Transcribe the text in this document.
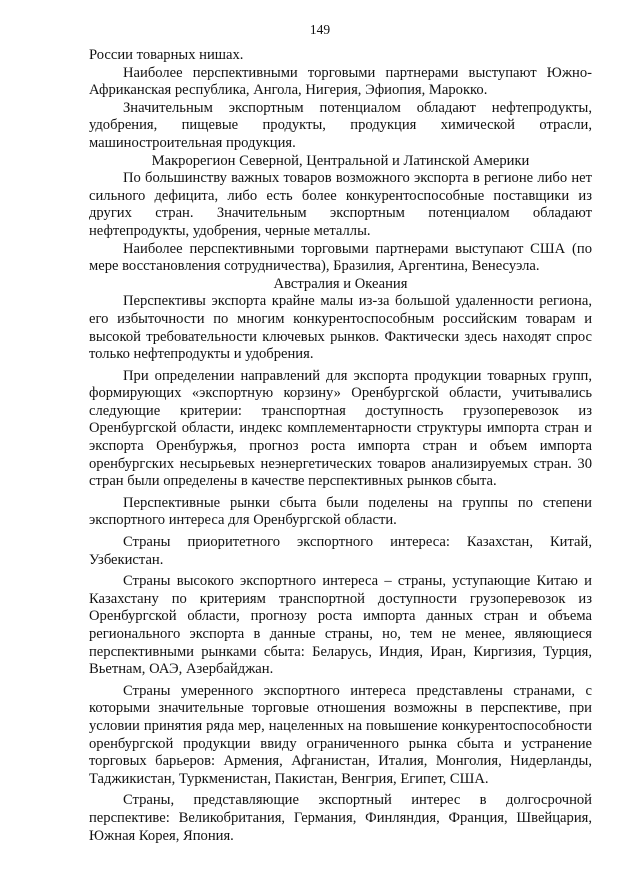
149

России товарных нишах.

Наиболее перспективными торговыми партнерами выступают Южно-Африканская республика, Ангола, Нигерия, Эфиопия, Марокко.

Значительным экспортным потенциалом обладают нефтепродукты, удобрения, пищевые продукты, продукция химической отрасли, машиностроительная продукция.

Макрорегион Северной, Центральной и Латинской Америки

По большинству важных товаров возможного экспорта в регионе либо нет сильного дефицита, либо есть более конкурентоспособные поставщики из других стран. Значительным экспортным потенциалом обладают нефтепродукты, удобрения, черные металлы.

Наиболее перспективными торговыми партнерами выступают США (по мере восстановления сотрудничества), Бразилия, Аргентина, Венесуэла.

Австралия и Океания

Перспективы экспорта крайне малы из-за большой удаленности региона, его избыточности по многим конкурентоспособным российским товарам и высокой требовательности ключевых рынков. Фактически здесь находят спрос только нефтепродукты и удобрения.

При определении направлений для экспорта продукции товарных групп, формирующих «экспортную корзину» Оренбургской области, учитывались следующие критерии: транспортная доступность грузоперевозок из Оренбургской области, индекс комплементарности структуры импорта стран и экспорта Оренбуржья, прогноз роста импорта стран и объем импорта оренбургских несырьевых неэнергетических товаров анализируемых стран. 30 стран были определены в качестве перспективных рынков сбыта.

Перспективные рынки сбыта были поделены на группы по степени экспортного интереса для Оренбургской области.

Страны приоритетного экспортного интереса: Казахстан, Китай, Узбекистан.

Страны высокого экспортного интереса – страны, уступающие Китаю и Казахстану по критериям транспортной доступности грузоперевозок из Оренбургской области, прогнозу роста импорта данных стран и объема регионального экспорта в данные страны, но, тем не менее, являющиеся перспективными рынками сбыта: Беларусь, Индия, Иран, Киргизия, Турция, Вьетнам, ОАЭ, Азербайджан.

Страны умеренного экспортного интереса представлены странами, с которыми значительные торговые отношения возможны в перспективе, при условии принятия ряда мер, нацеленных на повышение конкурентоспособности оренбургской продукции ввиду ограниченного рынка сбыта и устранение торговых барьеров: Армения, Афганистан, Италия, Монголия, Нидерланды, Таджикистан, Туркменистан, Пакистан, Венгрия, Египет, США.

Страны, представляющие экспортный интерес в долгосрочной перспективе: Великобритания, Германия, Финляндия, Франция, Швейцария, Южная Корея, Япония.
